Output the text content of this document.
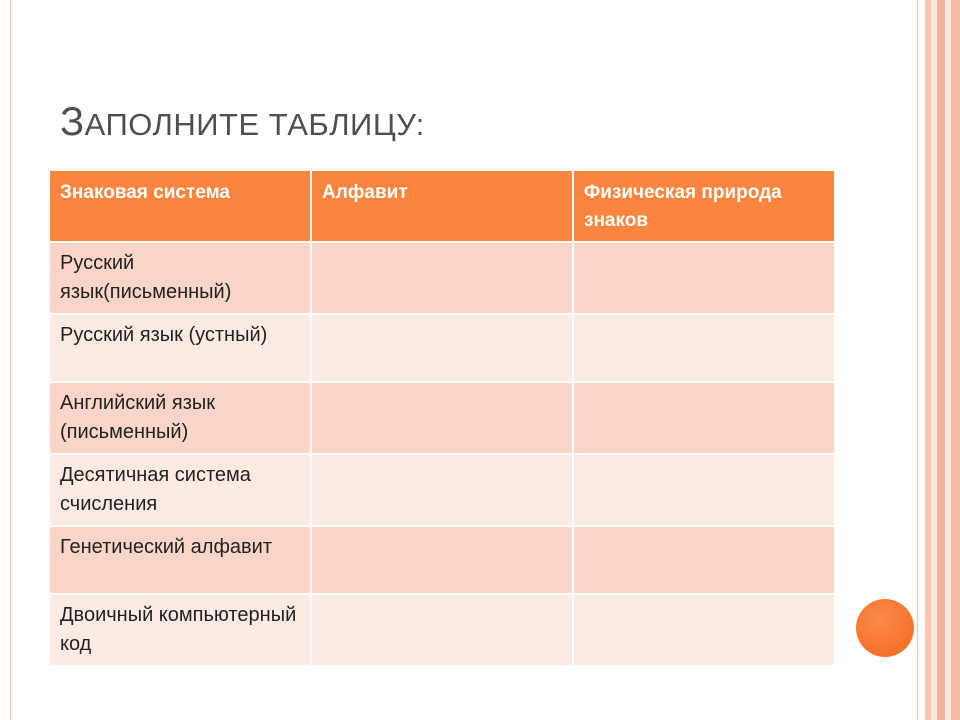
ЗАПОЛНИТЕ ТАБЛИЦУ:
Знаковая система	Алфавит	Физическая природа знаков
Русский язык(письменный)		
Русский язык (устный)		
Английский язык (письменный)		
Десятичная система счисления		
Генетический алфавит		
Двоичный компьютерный код		
